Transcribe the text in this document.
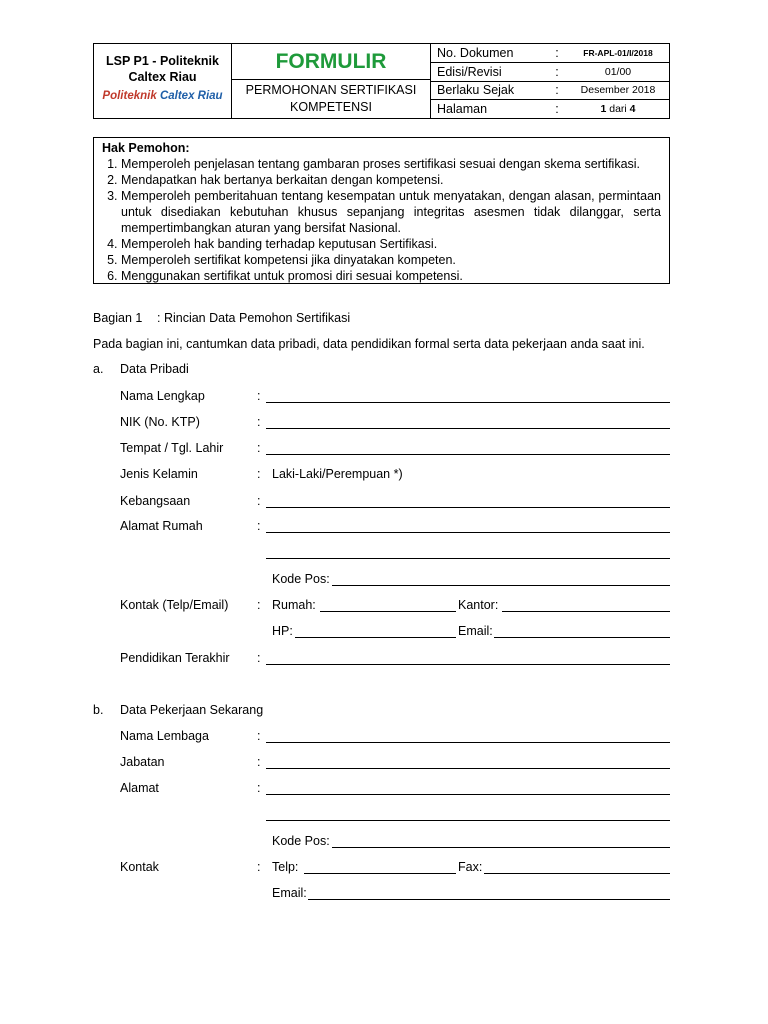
LSP P1 - Politeknik
Caltex Riau
Politeknik Caltex Riau
FORMULIR
PERMOHONAN SERTIFIKASI
KOMPETENSI
No. Dokumen	:	FR-APL-01/I/2018
Edisi/Revisi	:	01/00
Berlaku Sejak	:	Desember 2018
Halaman	:	1 dari 4
Hak Pemohon:
1. Memperoleh penjelasan tentang gambaran proses sertifikasi sesuai dengan skema sertifikasi.
2. Mendapatkan hak bertanya berkaitan dengan kompetensi.
3. Memperoleh pemberitahuan tentang kesempatan untuk menyatakan, dengan alasan, permintaan untuk disediakan kebutuhan khusus sepanjang integritas asesmen tidak dilanggar, serta mempertimbangkan aturan yang bersifat Nasional.
4. Memperoleh hak banding terhadap keputusan Sertifikasi.
5. Memperoleh sertifikat kompetensi jika dinyatakan kompeten.
6. Menggunakan sertifikat untuk promosi diri sesuai kompetensi.
Bagian 1 : Rincian Data Pemohon Sertifikasi
Pada bagian ini, cantumkan data pribadi, data pendidikan formal serta data pekerjaan anda saat ini.
a. Data Pribadi
Nama Lengkap	:
NIK (No. KTP)	:
Tempat / Tgl. Lahir	:
Jenis Kelamin	: Laki-Laki/Perempuan *)
Kebangsaan	:
Alamat Rumah	:
Kode Pos:
Kontak (Telp/Email) : Rumah:	Kantor:
HP:	Email:
Pendidikan Terakhir :
b. Data Pekerjaan Sekarang
Nama Lembaga	:
Jabatan	:
Alamat	:
Kode Pos:
Kontak	: Telp:	Fax:
Email:
